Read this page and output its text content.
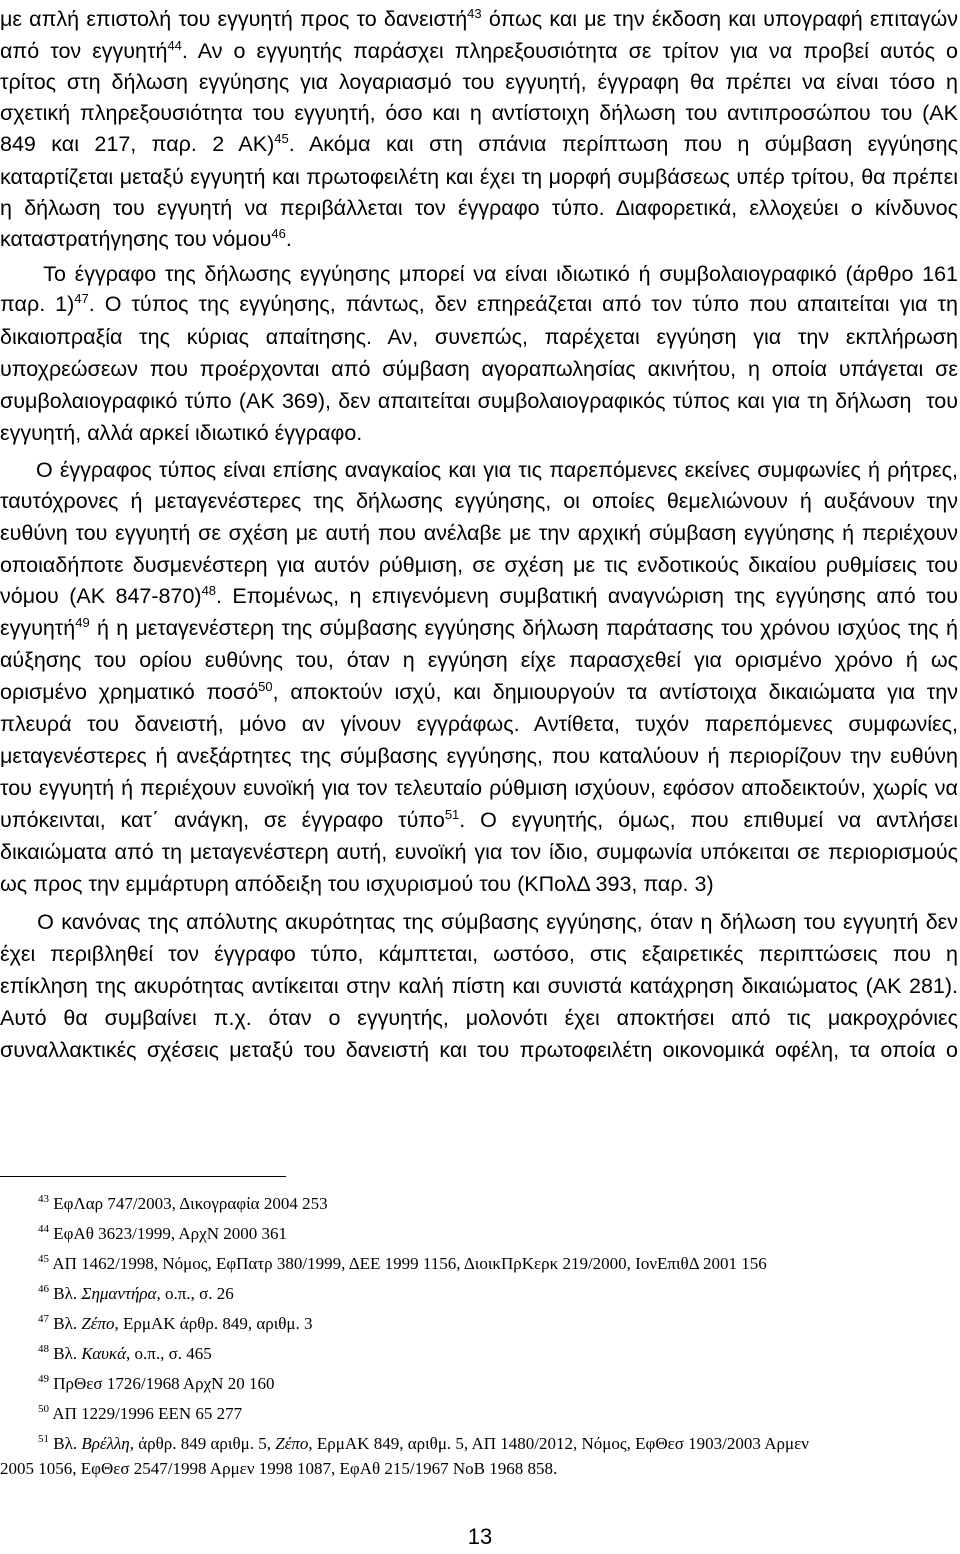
με απλή επιστολή του εγγυητή προς το δανειστή$^{43}$ όπως και με την έκδοση και υπογραφή επιταγών
από τον εγγυητή$^{44}$. Αν ο εγγυητής παράσχει πληρεξουσιότητα σε τρίτον για να προβεί αυτός ο
τρίτος στη δήλωση εγγύησης για λογαριασμό του εγγυητή, έγγραφη θα πρέπει να είναι τόσο η
σχετική πληρεξουσιότητα του εγγυητή, όσο και η αντίστοιχη δήλωση του αντιπροσώπου του (ΑΚ
849 και 217, παρ. 2 ΑΚ)$^{45}$. Ακόμα και στη σπάνια περίπτωση που η σύμβαση εγγύησης
καταρτίζεται μεταξύ εγγυητή και πρωτοφειλέτη και έχει τη μορφή συμβάσεως υπέρ τρίτου, θα πρέπει
η δήλωση του εγγυητή να περιβάλλεται τον έγγραφο τύπο. Διαφορετικά, ελλοχεύει ο κίνδυνος
καταστρατήγησης του νόμου$^{46}$.
Το έγγραφο της δήλωσης εγγύησης μπορεί να είναι ιδιωτικό ή συμβολαιογραφικό (άρθρο 161
παρ. 1)$^{47}$. Ο τύπος της εγγύησης, πάντως, δεν επηρεάζεται από τον τύπο που απαιτείται για τη
δικαιοπραξία της κύριας απαίτησης. Αν, συνεπώς, παρέχεται εγγύηση για την εκπλήρωση
υποχρεώσεων που προέρχονται από σύμβαση αγοραπωλησίας ακινήτου, η οποία υπάγεται σε
συμβολαιογραφικό τύπο (ΑΚ 369), δεν απαιτείται συμβολαιογραφικός τύπος και για τη δήλωση  του
εγγυητή, αλλά αρκεί ιδιωτικό έγγραφο.
Ο έγγραφος τύπος είναι επίσης αναγκαίος και για τις παρεπόμενες εκείνες συμφωνίες ή ρήτρες,
ταυτόχρονες ή μεταγενέστερες της δήλωσης εγγύησης, οι οποίες θεμελιώνουν ή αυξάνουν την
ευθύνη του εγγυητή σε σχέση με αυτή που ανέλαβε με την αρχική σύμβαση εγγύησης ή περιέχουν
οποιαδήποτε δυσμενέστερη για αυτόν ρύθμιση, σε σχέση με τις ενδοτικούς δικαίου ρυθμίσεις του
νόμου (ΑΚ 847-870)$^{48}$. Επομένως, η επιγενόμενη συμβατική αναγνώριση της εγγύησης από του
εγγυητή$^{49}$ ή η μεταγενέστερη της σύμβασης εγγύησης δήλωση παράτασης του χρόνου ισχύος της ή
αύξησης του ορίου ευθύνης του, όταν η εγγύηση είχε παρασχεθεί για ορισμένο χρόνο ή ως
ορισμένο χρηματικό ποσό$^{50}$, αποκτούν ισχύ, και δημιουργούν τα αντίστοιχα δικαιώματα για την
πλευρά του δανειστή, μόνο αν γίνουν εγγράφως. Αντίθετα, τυχόν παρεπόμενες συμφωνίες,
μεταγενέστερες ή ανεξάρτητες της σύμβασης εγγύησης, που καταλύουν ή περιορίζουν την ευθύνη
του εγγυητή ή περιέχουν ευνοϊκή για τον τελευταίο ρύθμιση ισχύουν, εφόσον αποδεικτούν, χωρίς να
υπόκεινται, κατ΄ ανάγκη, σε έγγραφο τύπο$^{51}$. Ο εγγυητής, όμως, που επιθυμεί να αντλήσει
δικαιώματα από τη μεταγενέστερη αυτή, ευνοϊκή για τον ίδιο, συμφωνία υπόκειται σε περιορισμούς
ως προς την εμμάρτυρη απόδειξη του ισχυρισμού του (ΚΠολΔ 393, παρ. 3)
Ο κανόνας της απόλυτης ακυρότητας της σύμβασης εγγύησης, όταν η δήλωση του εγγυητή δεν
έχει περιβληθεί τον έγγραφο τύπο, κάμπτεται, ωστόσο, στις εξαιρετικές περιπτώσεις που η
επίκληση της ακυρότητας αντίκειται στην καλή πίστη και συνιστά κατάχρηση δικαιώματος (ΑΚ 281).
Αυτό θα συμβαίνει π.χ. όταν ο εγγυητής, μολονότι έχει αποκτήσει από τις μακροχρόνιες
συναλλακτικές σχέσεις μεταξύ του δανειστή και του πρωτοφειλέτη οικονομικά οφέλη, τα οποία ο
$^{43}$ ΕφΛαρ 747/2003, Δικογραφία 2004 253
$^{44}$ ΕφΑθ 3623/1999, ΑρχΝ 2000 361
$^{45}$ ΑΠ 1462/1998, Νόμος, ΕφΠατρ 380/1999, ΔΕΕ 1999 1156, ΔιοικΠρΚερκ 219/2000, ΙονΕπιθΔ 2001 156
$^{46}$ Βλ. Σημαντήρα, ο.π., σ. 26
$^{47}$ Βλ. Ζέπο, ΕρμΑΚ άρθρ. 849, αριθμ. 3
$^{48}$ Βλ. Καυκά, ο.π., σ. 465
$^{49}$ ΠρΘεσ 1726/1968 ΑρχΝ 20 160
$^{50}$ ΑΠ 1229/1996 ΕΕΝ 65 277
$^{51}$ Βλ. Βρέλλη, άρθρ. 849 αριθμ. 5, Ζέπο, ΕρμΑΚ 849, αριθμ. 5, ΑΠ 1480/2012, Νόμος, ΕφΘεσ 1903/2003 Αρμεν
2005 1056, ΕφΘεσ 2547/1998 Αρμεν 1998 1087, ΕφΑθ 215/1967 ΝοΒ 1968 858.
13
